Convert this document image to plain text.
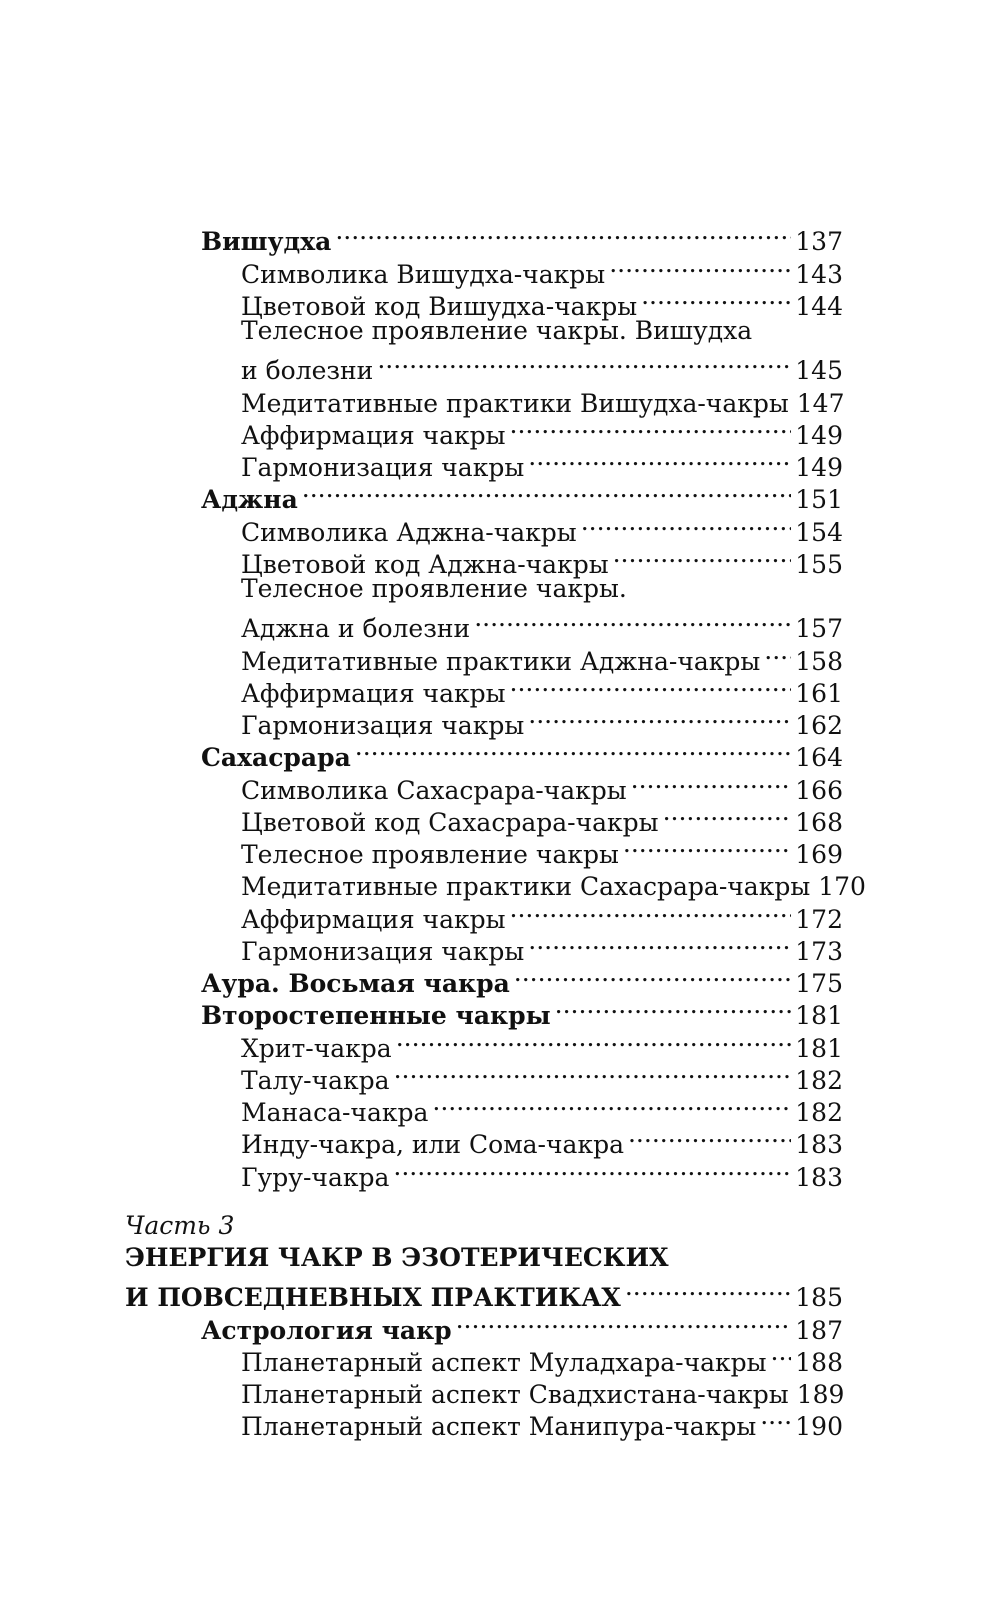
Вишудха .....	137
Символика Вишудха-чакры .....	143
Цветовой код Вишудха-чакры .....	144
Телесное проявление чакры. Вишудха
и болезни .....	145
Медитативные практики Вишудха-чакры 147
Аффирмация чакры .....	149
Гармонизация чакры .....	149
Аджна .....	151
Символика Аджна-чакры .....	154
Цветовой код Аджна-чакры .....	155
Телесное проявление чакры.
Аджна и болезни .....	157
Медитативные практики Аджна-чакры ..... 158
Аффирмация чакры .....	161
Гармонизация чакры .....	162
Сахасрара .....	164
Символика Сахасрара-чакры .....	166
Цветовой код Сахасрара-чакры .....	168
Телесное проявление чакры .....	169
Медитативные практики Сахасрара-чакры 170
Аффирмация чакры .....	172
Гармонизация чакры .....	173
Аура. Восьмая чакра .....	175
Второстепенные чакры .....	181
Хрит-чакра .....	181
Талу-чакра .....	182
Манаса-чакра .....	182
Инду-чакра, или Сома-чакра .....	183
Гуру-чакра .....	183
Часть 3
ЭНЕРГИЯ ЧАКР В ЭЗОТЕРИЧЕСКИХ
И ПОВСЕДНЕВНЫХ ПРАКТИКАХ .....	185
Астрология чакр .....	187
Планетарный аспект Муладхара-чакры ..... 188
Планетарный аспект Свадхистана-чакры 189
Планетарный аспект Манипура-чакры ..... 190
